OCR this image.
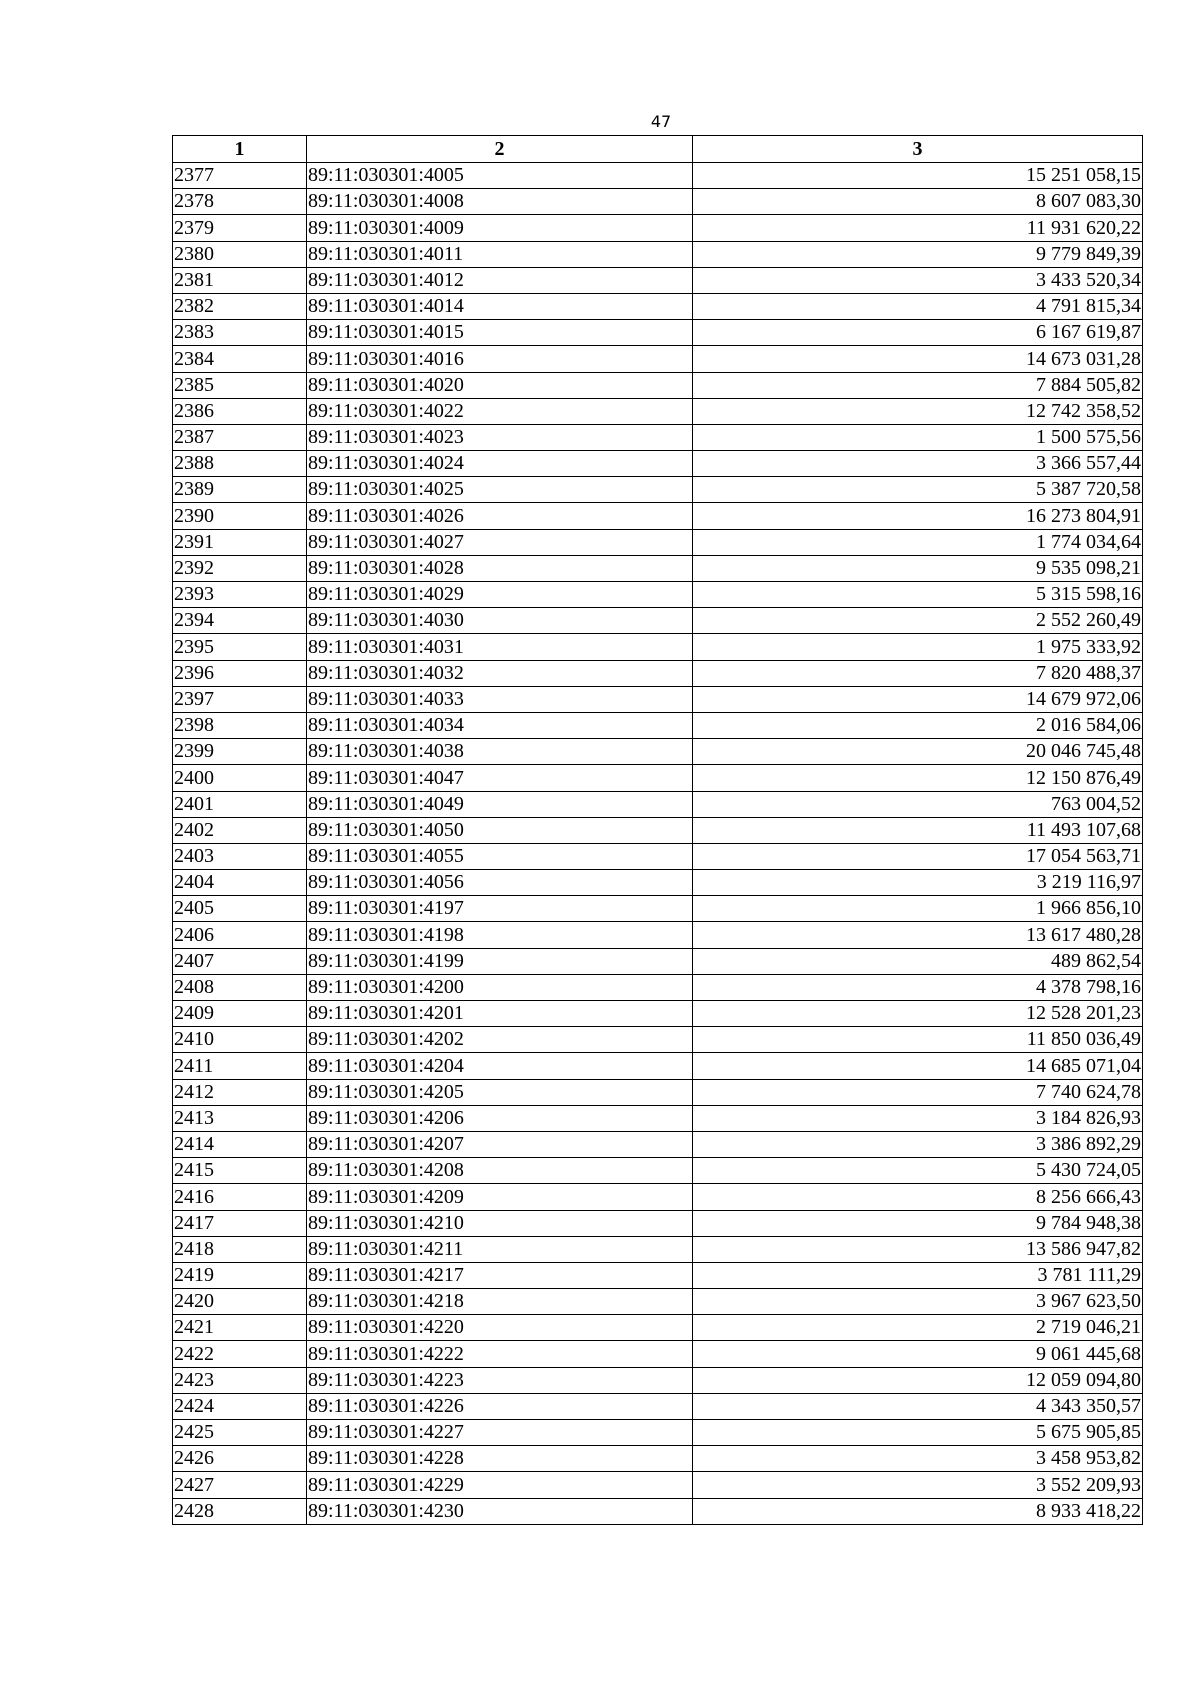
47
1	2	3
2377	89:11:030301:4005	15 251 058,15
2378	89:11:030301:4008	8 607 083,30
2379	89:11:030301:4009	11 931 620,22
2380	89:11:030301:4011	9 779 849,39
2381	89:11:030301:4012	3 433 520,34
2382	89:11:030301:4014	4 791 815,34
2383	89:11:030301:4015	6 167 619,87
2384	89:11:030301:4016	14 673 031,28
2385	89:11:030301:4020	7 884 505,82
2386	89:11:030301:4022	12 742 358,52
2387	89:11:030301:4023	1 500 575,56
2388	89:11:030301:4024	3 366 557,44
2389	89:11:030301:4025	5 387 720,58
2390	89:11:030301:4026	16 273 804,91
2391	89:11:030301:4027	1 774 034,64
2392	89:11:030301:4028	9 535 098,21
2393	89:11:030301:4029	5 315 598,16
2394	89:11:030301:4030	2 552 260,49
2395	89:11:030301:4031	1 975 333,92
2396	89:11:030301:4032	7 820 488,37
2397	89:11:030301:4033	14 679 972,06
2398	89:11:030301:4034	2 016 584,06
2399	89:11:030301:4038	20 046 745,48
2400	89:11:030301:4047	12 150 876,49
2401	89:11:030301:4049	763 004,52
2402	89:11:030301:4050	11 493 107,68
2403	89:11:030301:4055	17 054 563,71
2404	89:11:030301:4056	3 219 116,97
2405	89:11:030301:4197	1 966 856,10
2406	89:11:030301:4198	13 617 480,28
2407	89:11:030301:4199	489 862,54
2408	89:11:030301:4200	4 378 798,16
2409	89:11:030301:4201	12 528 201,23
2410	89:11:030301:4202	11 850 036,49
2411	89:11:030301:4204	14 685 071,04
2412	89:11:030301:4205	7 740 624,78
2413	89:11:030301:4206	3 184 826,93
2414	89:11:030301:4207	3 386 892,29
2415	89:11:030301:4208	5 430 724,05
2416	89:11:030301:4209	8 256 666,43
2417	89:11:030301:4210	9 784 948,38
2418	89:11:030301:4211	13 586 947,82
2419	89:11:030301:4217	3 781 111,29
2420	89:11:030301:4218	3 967 623,50
2421	89:11:030301:4220	2 719 046,21
2422	89:11:030301:4222	9 061 445,68
2423	89:11:030301:4223	12 059 094,80
2424	89:11:030301:4226	4 343 350,57
2425	89:11:030301:4227	5 675 905,85
2426	89:11:030301:4228	3 458 953,82
2427	89:11:030301:4229	3 552 209,93
2428	89:11:030301:4230	8 933 418,22
